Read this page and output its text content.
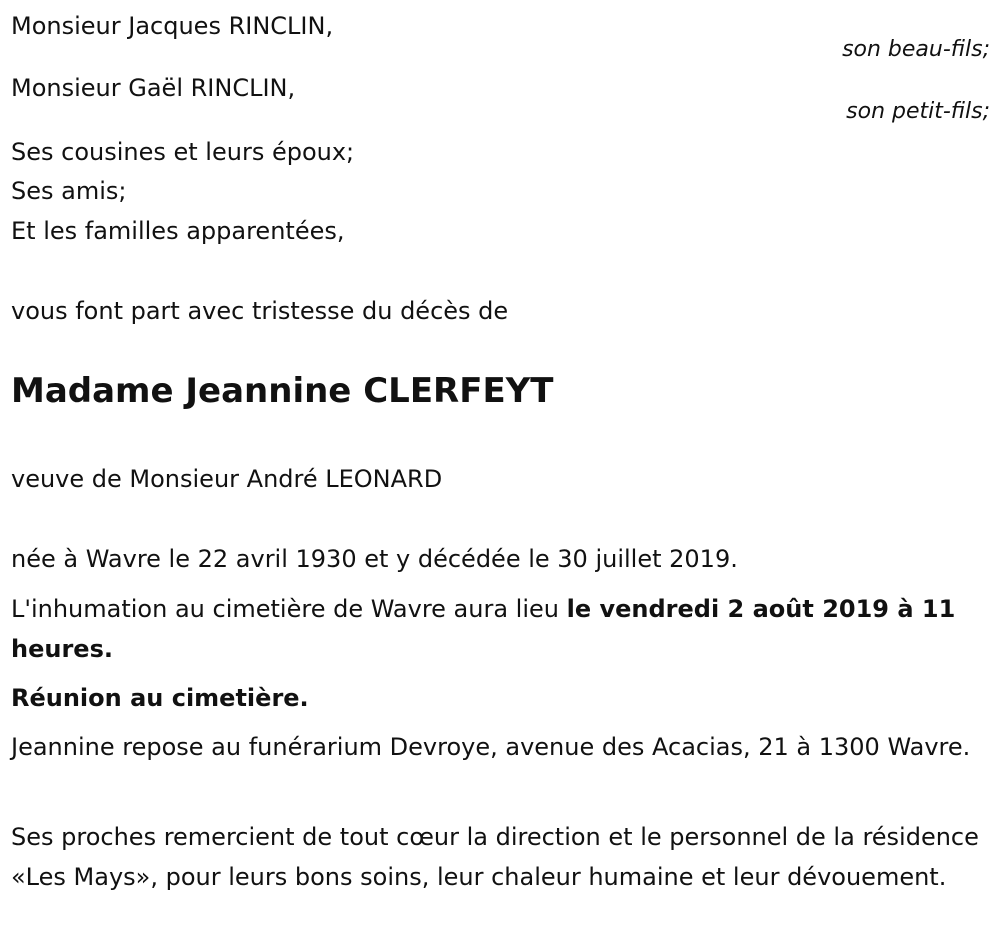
Monsieur Jacques RINCLIN,
son beau-fils;
Monsieur Gaël RINCLIN,
son petit-fils;
Ses cousines et leurs époux;
Ses amis;
Et les familles apparentées,
vous font part avec tristesse du décès de
Madame Jeannine CLERFEYT
veuve de Monsieur André LEONARD
née à Wavre le 22 avril 1930 et y décédée le 30 juillet 2019.
L'inhumation au cimetière de Wavre aura lieu le vendredi 2 août 2019 à 11 heures.
Réunion au cimetière.
Jeannine repose au funérarium Devroye, avenue des Acacias, 21 à 1300 Wavre.
Ses proches remercient de tout cœur la direction et le personnel de la résidence «Les Mays», pour leurs bons soins, leur chaleur humaine et leur dévouement.
